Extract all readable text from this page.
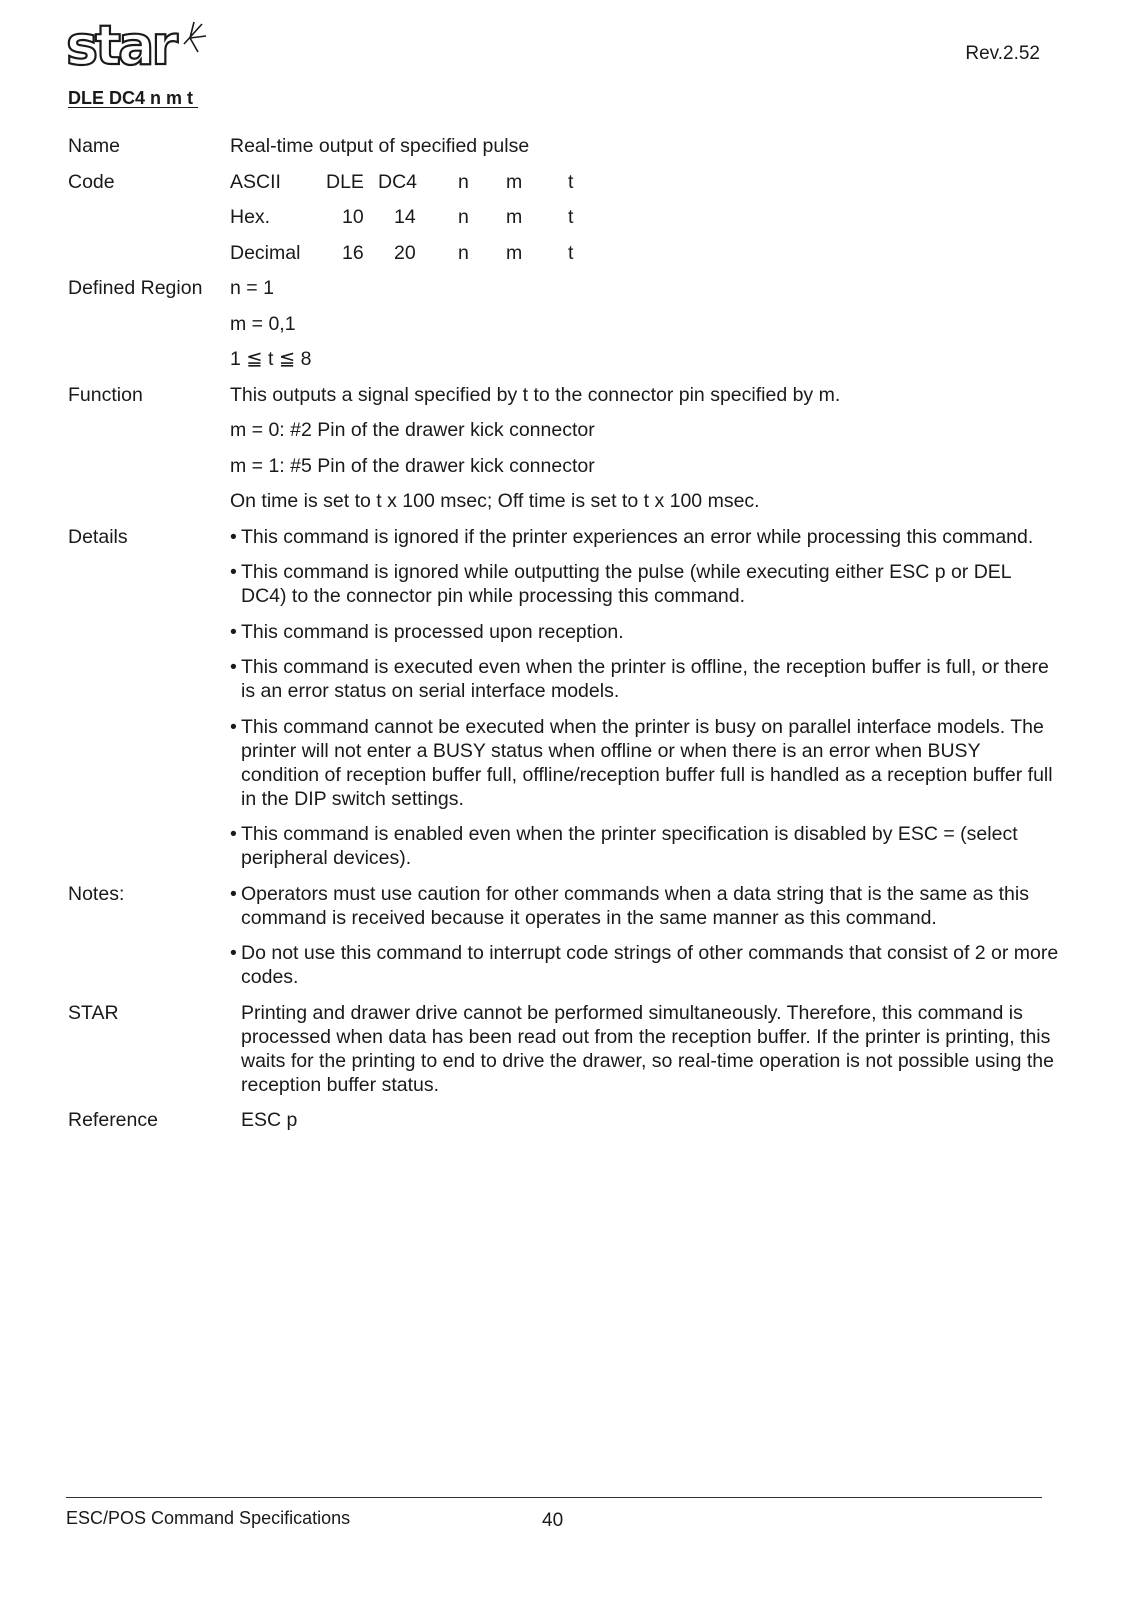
star	Rev.2.52
DLE DC4 n m t
Name	Real-time output of specified pulse
Code	ASCII DLE DC4 n m t
Hex.	10 14 n m t
Decimal 16 20 n m t
Defined Region n = 1
m = 0,1
1 ≦ t ≦ 8
Function	This outputs a signal specified by t to the connector pin specified by m.
m = 0: #2 Pin of the drawer kick connector
m = 1: #5 Pin of the drawer kick connector
On time is set to t x 100 msec; Off time is set to t x 100 msec.
Details	• This command is ignored if the printer experiences an error while processing this command.
• This command is ignored while outputting the pulse (while executing either ESC p or DEL DC4) to the connector pin while processing this command.
• This command is processed upon reception.
• This command is executed even when the printer is offline, the reception buffer is full, or there is an error status on serial interface models.
• This command cannot be executed when the printer is busy on parallel interface models. The printer will not enter a BUSY status when offline or when there is an error when BUSY condition of reception buffer full, offline/reception buffer full is handled as a reception buffer full in the DIP switch settings.
• This command is enabled even when the printer specification is disabled by ESC = (select peripheral devices).
Notes:	• Operators must use caution for other commands when a data string that is the same as this command is received because it operates in the same manner as this command.
• Do not use this command to interrupt code strings of other commands that consist of 2 or more codes.
STAR	Printing and drawer drive cannot be performed simultaneously. Therefore, this command is processed when data has been read out from the reception buffer. If the printer is printing, this waits for the printing to end to drive the drawer, so real-time operation is not possible using the reception buffer status.
Reference	ESC p
ESC/POS Command Specifications	40
